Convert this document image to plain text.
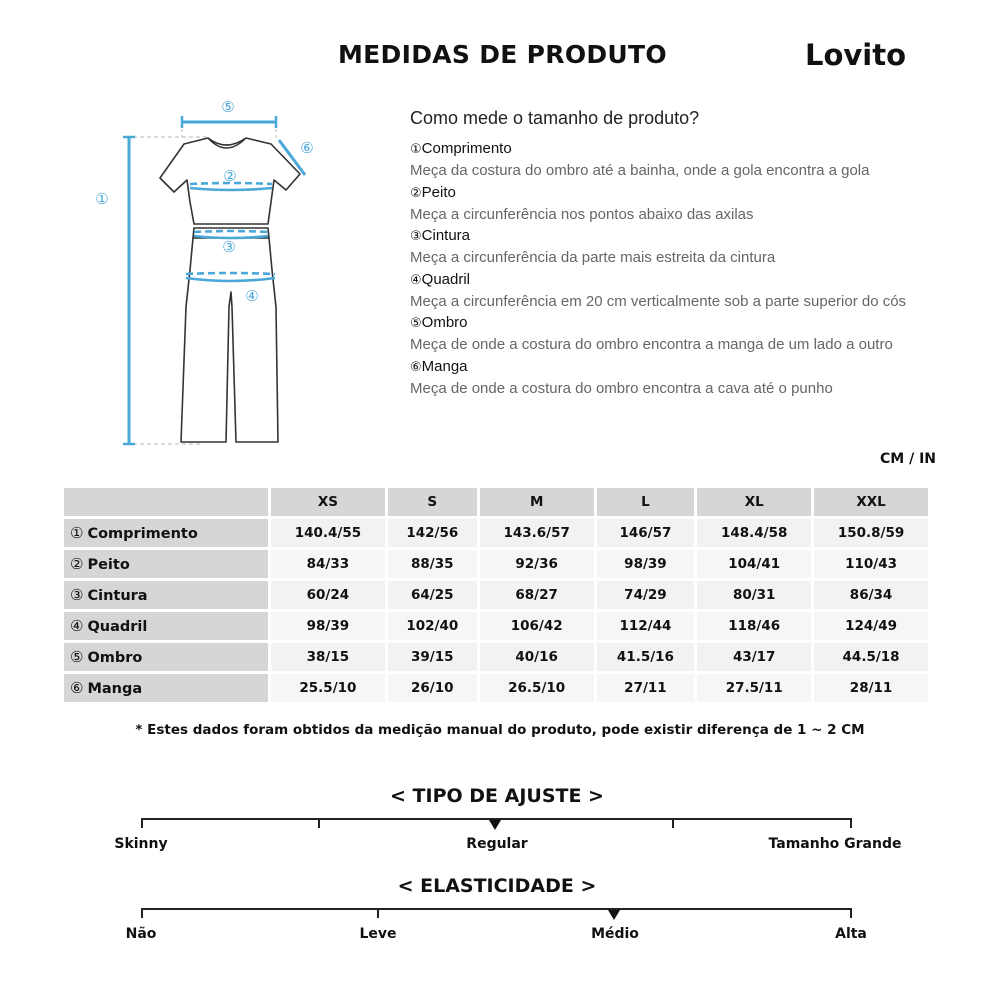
MEDIDAS DE PRODUTO	Lovito
①
②
③
④
⑤
⑥
Como mede o tamanho de produto?
①Comprimento
Meça da costura do ombro até a bainha, onde a gola encontra a gola
②Peito
Meça a circunferência nos pontos abaixo das axilas
③Cintura
Meça a circunferência da parte mais estreita da cintura
④Quadril
Meça a circunferência em 20 cm verticalmente sob a parte superior do cós
⑤Ombro
Meça de onde a costura do ombro encontra a manga de um lado a outro
⑥Manga
Meça de onde a costura do ombro encontra a cava até o punho
CM / IN
	XS	S	M	L	XL	XXL
① Comprimento	140.4/55	142/56	143.6/57	146/57	148.4/58	150.8/59
② Peito	84/33	88/35	92/36	98/39	104/41	110/43
③ Cintura	60/24	64/25	68/27	74/29	80/31	86/34
④ Quadril	98/39	102/40	106/42	112/44	118/46	124/49
⑤ Ombro	38/15	39/15	40/16	41.5/16	43/17	44.5/18
⑥ Manga	25.5/10	26/10	26.5/10	27/11	27.5/11	28/11
* Estes dados foram obtidos da medição manual do produto, pode existir diferença de 1 ~ 2 CM
< TIPO DE AJUSTE >
Skinny	Regular	Tamanho Grande
< ELASTICIDADE >
Não	Leve	Médio	Alta
